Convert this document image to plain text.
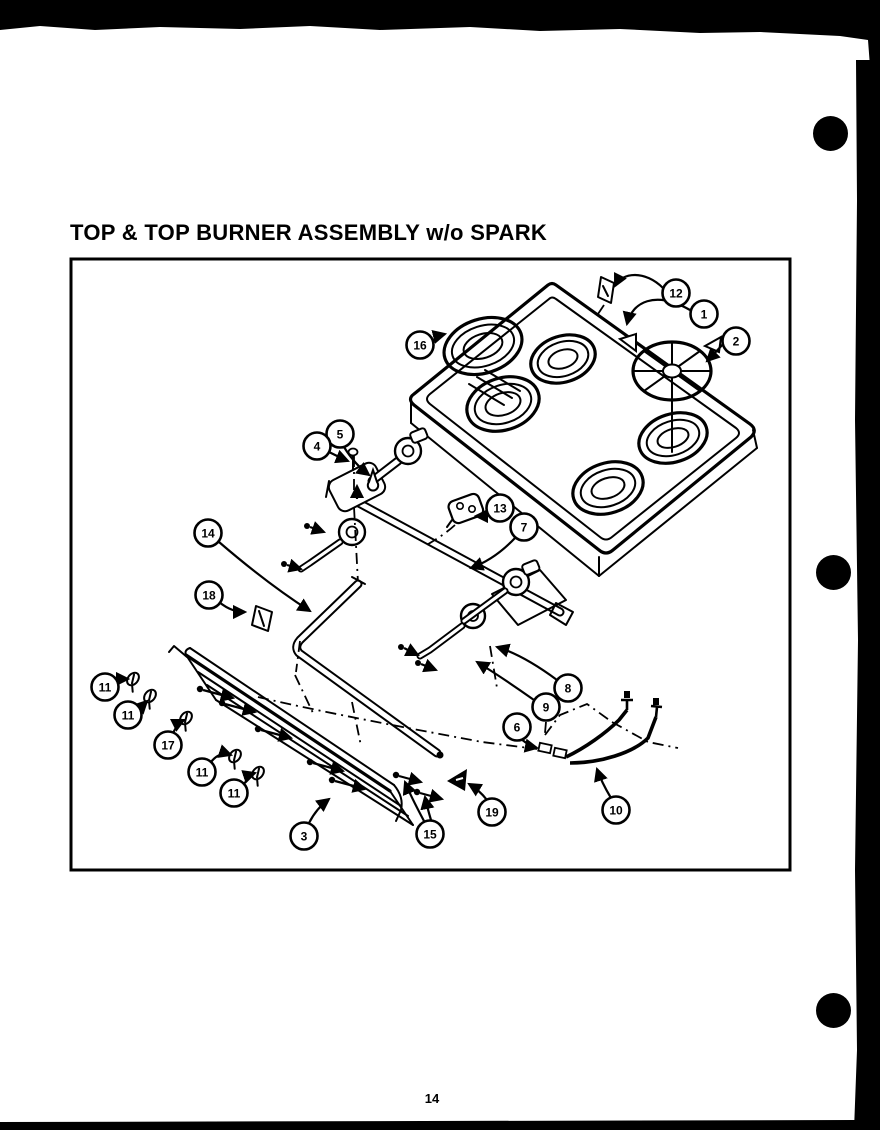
TOP & TOP BURNER ASSEMBLY w/o SPARK
14
12
1
2
16
5
4
13
7
14
18
8
9
6
10
19
15
3
11
11
17
11
11
